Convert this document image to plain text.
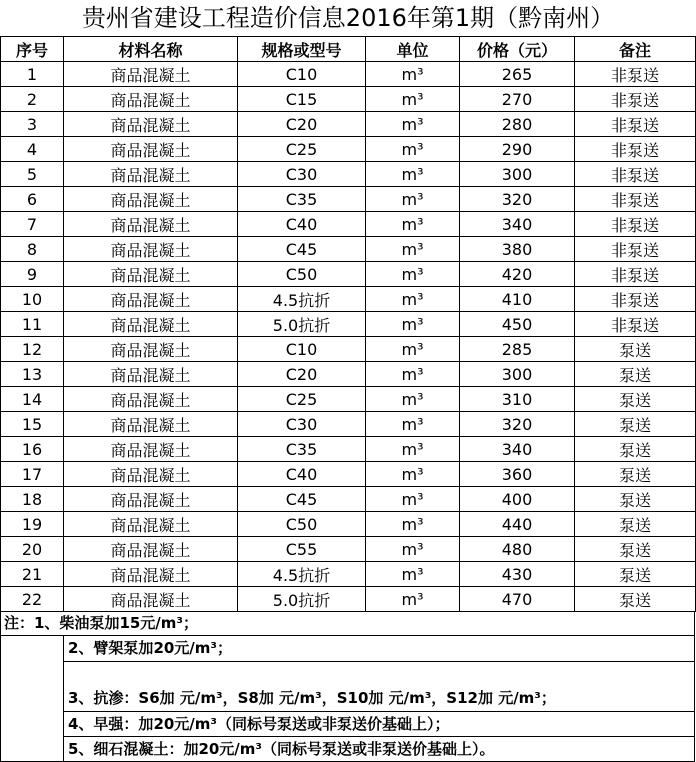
贵州省建设工程造价信息2016年第1期（黔南州）
序号	材料名称	规格或型号	单位	价格（元）	备注
1	商品混凝土	C10	m³	265	非泵送
2	商品混凝土	C15	m³	270	非泵送
3	商品混凝土	C20	m³	280	非泵送
4	商品混凝土	C25	m³	290	非泵送
5	商品混凝土	C30	m³	300	非泵送
6	商品混凝土	C35	m³	320	非泵送
7	商品混凝土	C40	m³	340	非泵送
8	商品混凝土	C45	m³	380	非泵送
9	商品混凝土	C50	m³	420	非泵送
10	商品混凝土	4.5抗折	m³	410	非泵送
11	商品混凝土	5.0抗折	m³	450	非泵送
12	商品混凝土	C10	m³	285	泵送
13	商品混凝土	C20	m³	300	泵送
14	商品混凝土	C25	m³	310	泵送
15	商品混凝土	C30	m³	320	泵送
16	商品混凝土	C35	m³	340	泵送
17	商品混凝土	C40	m³	360	泵送
18	商品混凝土	C45	m³	400	泵送
19	商品混凝土	C50	m³	440	泵送
20	商品混凝土	C55	m³	480	泵送
21	商品混凝土	4.5抗折	m³	430	泵送
22	商品混凝土	5.0抗折	m³	470	泵送
注：1、柴油泵加15元/m³；
2、臂架泵加20元/m³；
3、抗渗：S6加 元/m³，S8加 元/m³，S10加 元/m³，S12加 元/m³；
4、早强：加20元/m³（同标号泵送或非泵送价基础上）；
5、细石混凝土：加20元/m³（同标号泵送或非泵送价基础上）。
